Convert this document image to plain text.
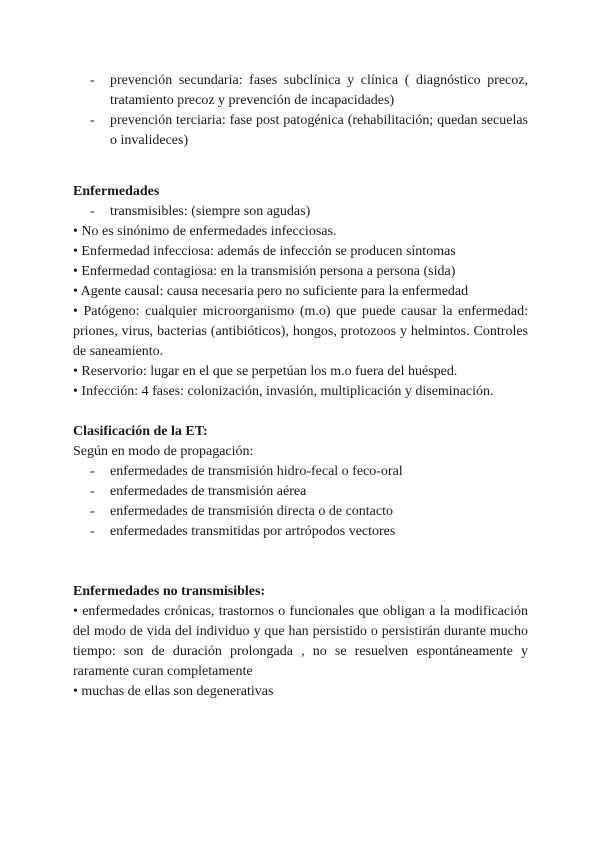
- prevención secundaria: fases subclínica y clínica ( diagnóstico precoz, tratamiento precoz y prevención de incapacidades)
- prevención terciaria: fase post patogénica (rehabilitación; quedan secuelas o invalideces)
Enfermedades
- transmisibles: (siempre son agudas)
• No es sinónimo de enfermedades infecciosas.
• Enfermedad infecciosa: además de infección se producen síntomas
• Enfermedad contagiosa: en la transmisión persona a persona (sida)
• Agente causal: causa necesaria pero no suficiente para la enfermedad
• Patógeno: cualquier microorganismo (m.o) que puede causar la enfermedad: priones, virus, bacterias (antibióticos), hongos, protozoos y helmintos. Controles de saneamiento.
• Reservorio: lugar en el que se perpetúan los m.o fuera del huésped.
• Infección: 4 fases: colonización, invasión, multiplicación y diseminación.
Clasificación de la ET:
Según en modo de propagación:
- enfermedades de transmisión hidro-fecal o feco-oral
- enfermedades de transmisión aérea
- enfermedades de transmisión directa o de contacto
- enfermedades transmitidas por artrópodos vectores
Enfermedades no transmisibles:
• enfermedades crónicas, trastornos o funcionales que obligan a la modificación del modo de vida del individuo y que han persistido o persistirán durante mucho tiempo: son de duración prolongada , no se resuelven espontáneamente y raramente curan completamente
• muchas de ellas son degenerativas
